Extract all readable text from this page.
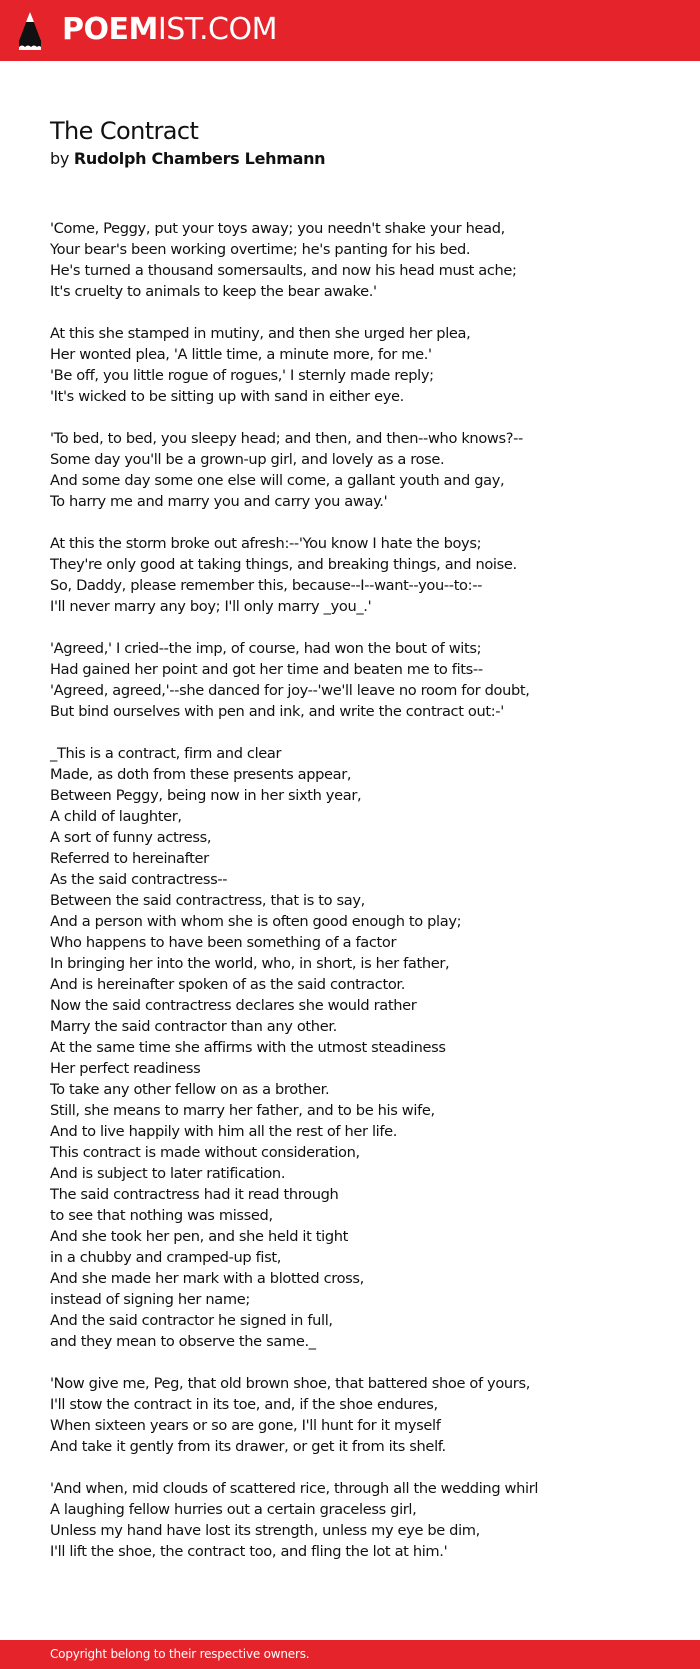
POEMIST.COM
The Contract
by Rudolph Chambers Lehmann
'Come, Peggy, put your toys away; you needn't shake your head,
Your bear's been working overtime; he's panting for his bed.
He's turned a thousand somersaults, and now his head must ache;
It's cruelty to animals to keep the bear awake.'
At this she stamped in mutiny, and then she urged her plea,
Her wonted plea, 'A little time, a minute more, for me.'
'Be off, you little rogue of rogues,' I sternly made reply;
'It's wicked to be sitting up with sand in either eye.
'To bed, to bed, you sleepy head; and then, and then--who knows?--
Some day you'll be a grown-up girl, and lovely as a rose.
And some day some one else will come, a gallant youth and gay,
To harry me and marry you and carry you away.'
At this the storm broke out afresh:--'You know I hate the boys;
They're only good at taking things, and breaking things, and noise.
So, Daddy, please remember this, because--I--want--you--to:--
I'll never marry any boy; I'll only marry _you_.'
'Agreed,' I cried--the imp, of course, had won the bout of wits;
Had gained her point and got her time and beaten me to fits--
'Agreed, agreed,'--she danced for joy--'we'll leave no room for doubt,
But bind ourselves with pen and ink, and write the contract out:-'
_This is a contract, firm and clear
Made, as doth from these presents appear,
Between Peggy, being now in her sixth year,
A child of laughter,
A sort of funny actress,
Referred to hereinafter
As the said contractress--
Between the said contractress, that is to say,
And a person with whom she is often good enough to play;
Who happens to have been something of a factor
In bringing her into the world, who, in short, is her father,
And is hereinafter spoken of as the said contractor.
Now the said contractress declares she would rather
Marry the said contractor than any other.
At the same time she affirms with the utmost steadiness
Her perfect readiness
To take any other fellow on as a brother.
Still, she means to marry her father, and to be his wife,
And to live happily with him all the rest of her life.
This contract is made without consideration,
And is subject to later ratification.
The said contractress had it read through
to see that nothing was missed,
And she took her pen, and she held it tight
in a chubby and cramped-up fist,
And she made her mark with a blotted cross,
instead of signing her name;
And the said contractor he signed in full,
and they mean to observe the same._
'Now give me, Peg, that old brown shoe, that battered shoe of yours,
I'll stow the contract in its toe, and, if the shoe endures,
When sixteen years or so are gone, I'll hunt for it myself
And take it gently from its drawer, or get it from its shelf.
'And when, mid clouds of scattered rice, through all the wedding whirl
A laughing fellow hurries out a certain graceless girl,
Unless my hand have lost its strength, unless my eye be dim,
I'll lift the shoe, the contract too, and fling the lot at him.'
Copyright belong to their respective owners.
